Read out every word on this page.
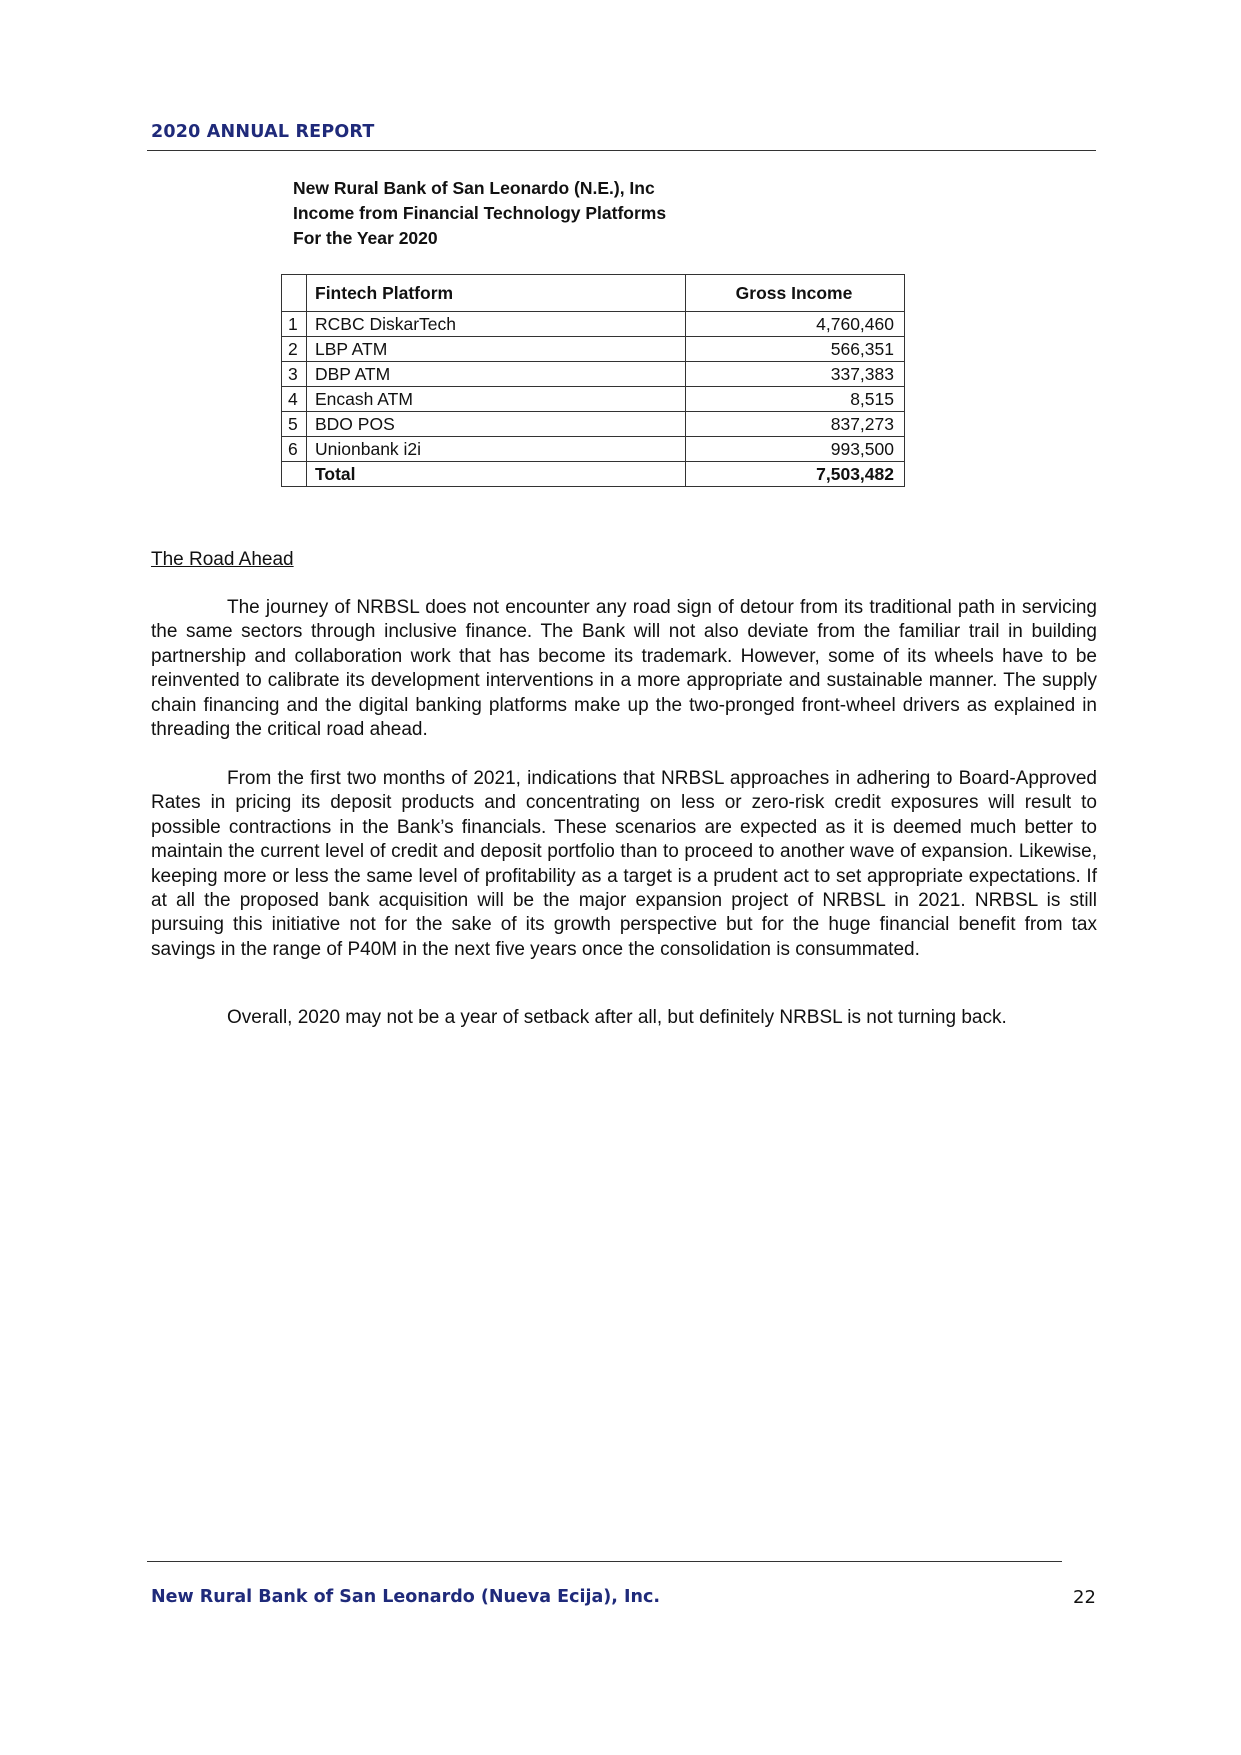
2020 ANNUAL REPORT
New Rural Bank of San Leonardo (N.E.), Inc
Income from Financial Technology Platforms
For the Year 2020
	Fintech Platform	Gross Income
1	RCBC DiskarTech	4,760,460
2	LBP ATM	566,351
3	DBP ATM	337,383
4	Encash ATM	8,515
5	BDO POS	837,273
6	Unionbank i2i	993,500
	Total	7,503,482
The Road Ahead

The journey of NRBSL does not encounter any road sign of detour from its traditional path in servicing the same sectors through inclusive finance. The Bank will not also deviate from the familiar trail in building partnership and collaboration work that has become its trademark. However, some of its wheels have to be reinvented to calibrate its development interventions in a more appropriate and sustainable manner. The supply chain financing and the digital banking platforms make up the two-pronged front-wheel drivers as explained in threading the critical road ahead.

From the first two months of 2021, indications that NRBSL approaches in adhering to Board-Approved Rates in pricing its deposit products and concentrating on less or zero-risk credit exposures will result to possible contractions in the Bank’s financials. These scenarios are expected as it is deemed much better to maintain the current level of credit and deposit portfolio than to proceed to another wave of expansion. Likewise, keeping more or less the same level of profitability as a target is a prudent act to set appropriate expectations. If at all the proposed bank acquisition will be the major expansion project of NRBSL in 2021. NRBSL is still pursuing this initiative not for the sake of its growth perspective but for the huge financial benefit from tax savings in the range of P40M in the next five years once the consolidation is consummated.

Overall, 2020 may not be a year of setback after all, but definitely NRBSL is not turning back.

New Rural Bank of San Leonardo (Nueva Ecija), Inc.	22
